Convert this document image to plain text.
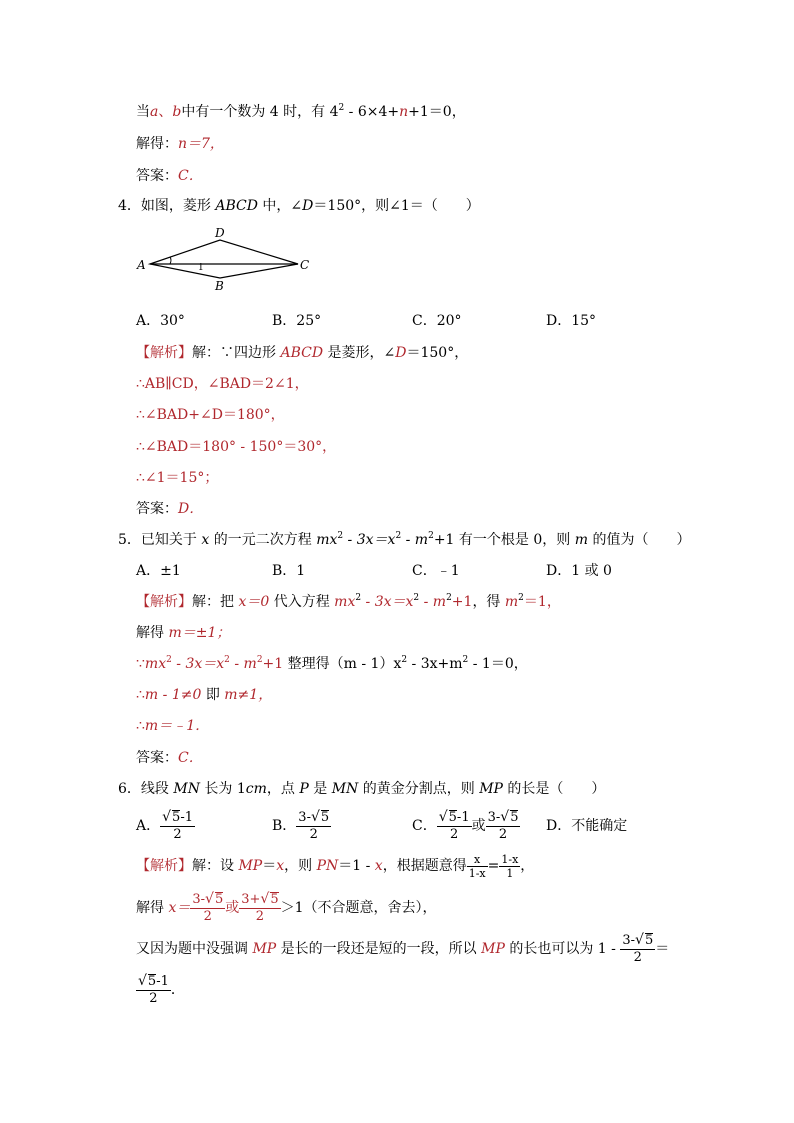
当a、b中有一个数为 4 时，有 $4^2 - 6\times 4+n+1=0$，
解得：n＝7，
答案：C．
4．如图，菱形 ABCD 中，∠D＝150°，则∠1＝（　　）
A
D
C
B
1
A．30°	B．25°	C．20°	D．15°
【解析】解：∵四边形 ABCD 是菱形，∠D＝150°，
∴AB∥CD，∠BAD＝2∠1，
∴∠BAD+∠D＝180°，
∴∠BAD＝180° - 150°＝30°，
∴∠1＝15°；
答案：D．
5．已知关于 x 的一元二次方程 $mx^2 - 3x=x^2 - m^2+1$ 有一个根是 0，则 m 的值为（　　）
A．±1	B．1	C．﹣1	D．1 或 0
【解析】解：把 x＝0 代入方程 $mx^2 - 3x=x^2 - m^2+1$，得 $m^2=1$，
解得 m＝±1；
$\because mx^2 - 3x=x^2 - m^2+1$ 整理得$(m - 1)x^2 - 3x+m^2 - 1=0$，
∴m - 1≠0 即 m≠1，
∴m＝﹣1．
答案：C．
6．线段 MN 长为 1cm，点 P 是 MN 的黄金分割点，则 MP 的长是（　　）
A． $\frac{√5-1}{2}$	B． $\frac{3-√5}{2}$	C． $\frac{√5-1}{2}$ 或 $\frac{3-√5}{2}$ D．不能确定
【解析】解：设 MP＝x，则 PN＝1 - x，根据题意得 $\frac{x}{1-x} = \frac{1-x}{1}$ ，
解得 $x= \frac{3-√5}{2}$ 或 $\frac{3+√5}{2} >1$（不合题意，舍去），
又因为题中没强调 MP 是长的一段还是短的一段，所以 MP 的长也可以为 $1 - \frac{3-√5}{2}$ ＝
$\frac{√5-1}{2}$ ．
